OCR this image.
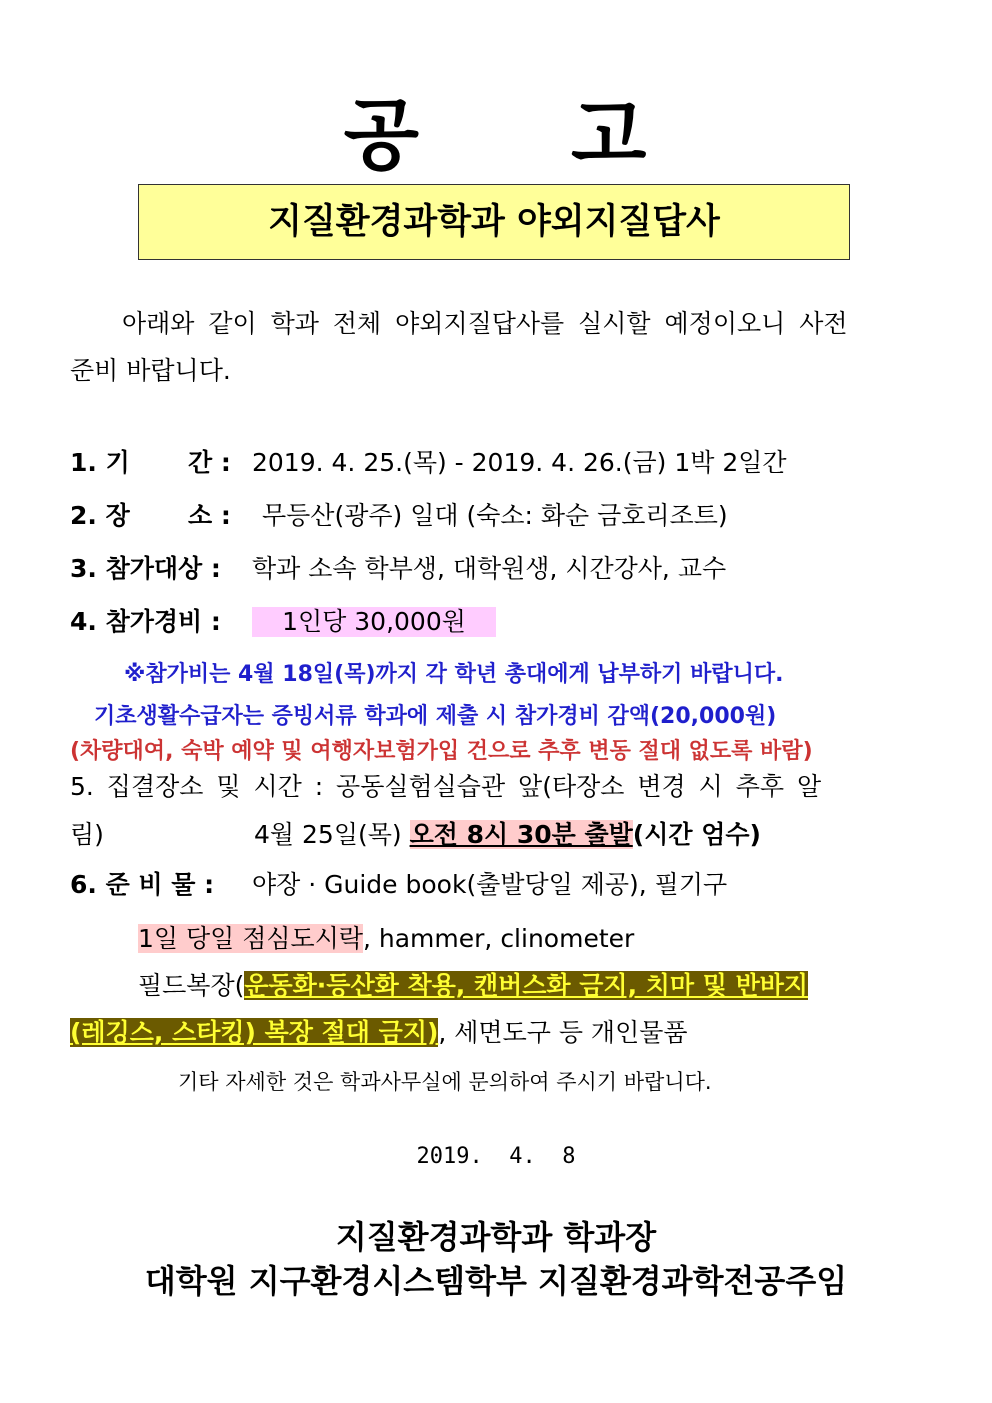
공 고
지질환경과학과 야외지질답사
아래와 같이 학과 전체 야외지질답사를 실시할 예정이오니 사전
준비 바랍니다.
1. 기 간 : 2019. 4. 25.(목) - 2019. 4. 26.(금) 1박 2일간
2. 장 소 : 무등산(광주) 일대 (숙소: 화순 금호리조트)
3. 참가대상 : 학과 소속 학부생, 대학원생, 시간강사, 교수
4. 참가경비 : 1인당 30,000원
※참가비는 4월 18일(목)까지 각 학년 총대에게 납부하기 바랍니다.
기초생활수급자는 증빙서류 학과에 제출 시 참가경비 감액(20,000원)
(차량대여, 숙박 예약 및 여행자보험가입 건으로 추후 변동 절대 없도록 바람)
5. 집결장소 및 시간 : 공동실험실습관 앞(타장소 변경 시 추후 알
림)	4월 25일(목) 오전 8시 30분 출발(시간 엄수)
6. 준 비 물 : 야장 · Guide book(출발당일 제공), 필기구
1일 당일 점심도시락, hammer, clinometer
필드복장(운동화·등산화 착용, 캔버스화 금지, 치마 및 반바지
(레깅스, 스타킹) 복장 절대 금지), 세면도구 등 개인물품
기타 자세한 것은 학과사무실에 문의하여 주시기 바랍니다.
2019.  4.  8
지질환경과학과 학과장
대학원 지구환경시스템학부 지질환경과학전공주임
